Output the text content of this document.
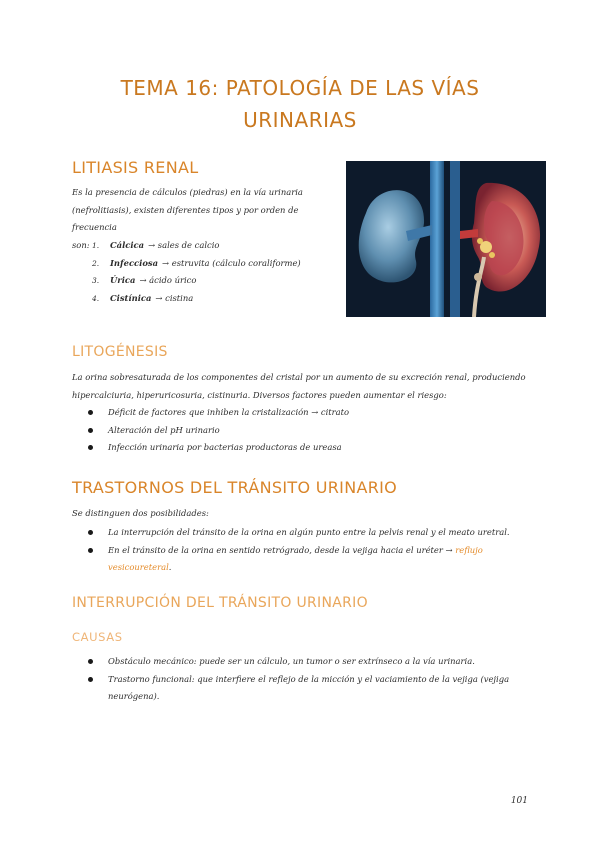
TEMA 16: PATOLOGÍA DE LAS VÍAS
URINARIAS
LITIASIS RENAL
Es la presencia de cálculos (piedras) en la vía urinaria
(nefrolitiasis), existen diferentes tipos y por orden de frecuencia
son: 1.	Cálcica →
sales de calcio
2.	Infecciosa →
estruvita (cálculo coraliforme)
3.	Úrica →
ácido úrico
4.	Cistínica →
cistina
LITOGÉNESIS
La orina sobresaturada de los componentes del cristal por un aumento de su excreción renal, produciendo
hipercalciuria, hiperuricosuria, cistinuria. Diversos factores pueden aumentar el riesgo:
Déficit de factores que inhiben la cristalización → citrato
Alteración del pH urinario
Infección urinaria por bacterias productoras de ureasa
TRASTORNOS DEL TRÁNSITO URINARIO
Se distinguen dos posibilidades:
La interrupción del tránsito de la orina en algún punto entre la pelvis renal y el meato uretral.
En el tránsito de la orina en sentido retrógrado, desde la vejiga hacia el uréter → reflujo
vesicoureteral.
INTERRUPCIÓN DEL TRÁNSITO URINARIO
CAUSAS
Obstáculo mecánico: puede ser un cálculo, un tumor o ser extrínseco a la vía urinaria.
Trastorno funcional: que interfiere el reflejo de la micción y el vaciamiento de la vejiga (vejiga
neurógena).
101
